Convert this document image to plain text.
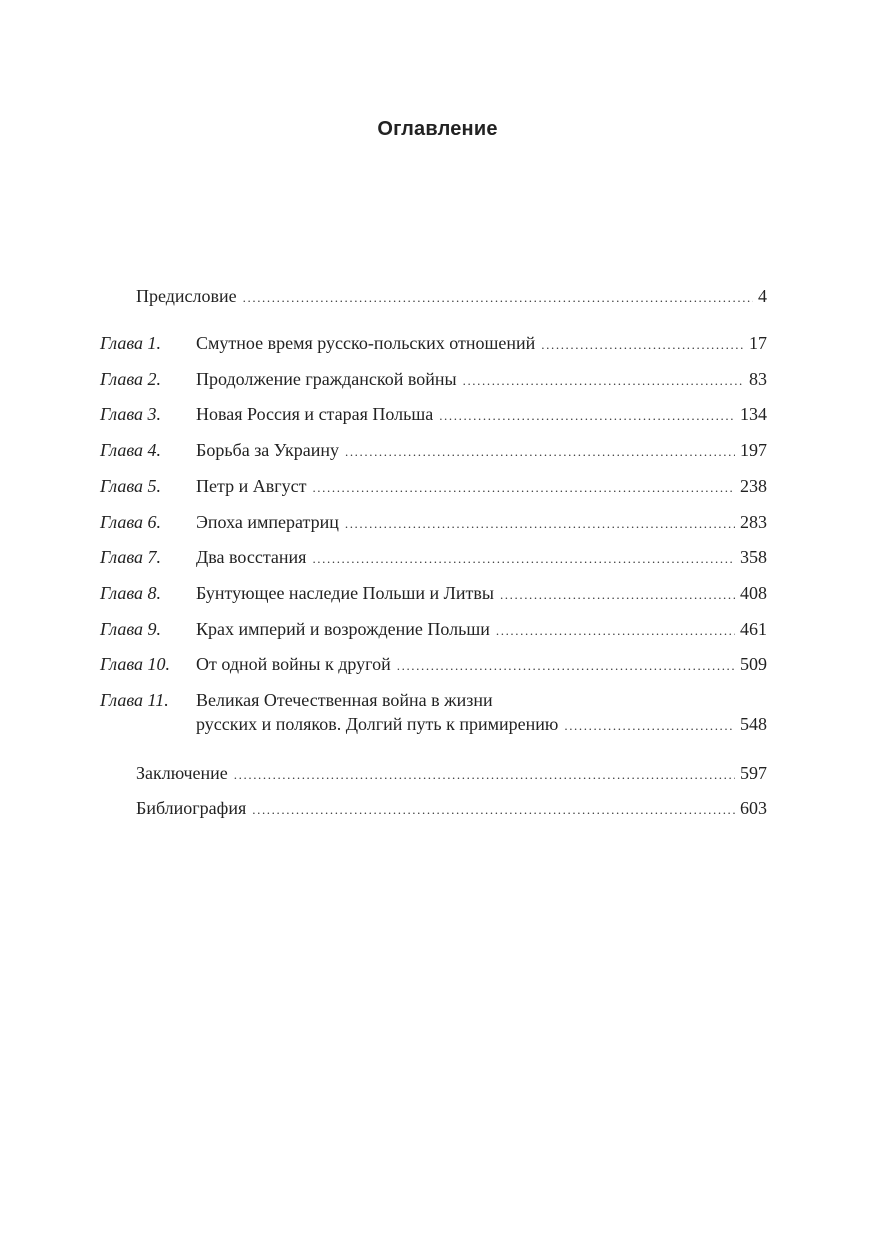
Оглавление
Предисловие .....	4
Глава 1.	Смутное время русско-польских отношений .....	17
Глава 2.	Продолжение гражданской войны .....	83
Глава 3.	Новая Россия и старая Польша .....	134
Глава 4.	Борьба за Украину .....	197
Глава 5.	Петр и Август .....	238
Глава 6.	Эпоха императриц .....	283
Глава 7.	Два восстания .....	358
Глава 8.	Бунтующее наследие Польши и Литвы .....	408
Глава 9.	Крах империй и возрождение Польши .....	461
Глава 10.	От одной войны к другой .....	509
Глава 11.	Великая Отечественная война в жизни
русских и поляков. Долгий путь к примирению .....	548
Заключение .....	597
Библиография .....	603
